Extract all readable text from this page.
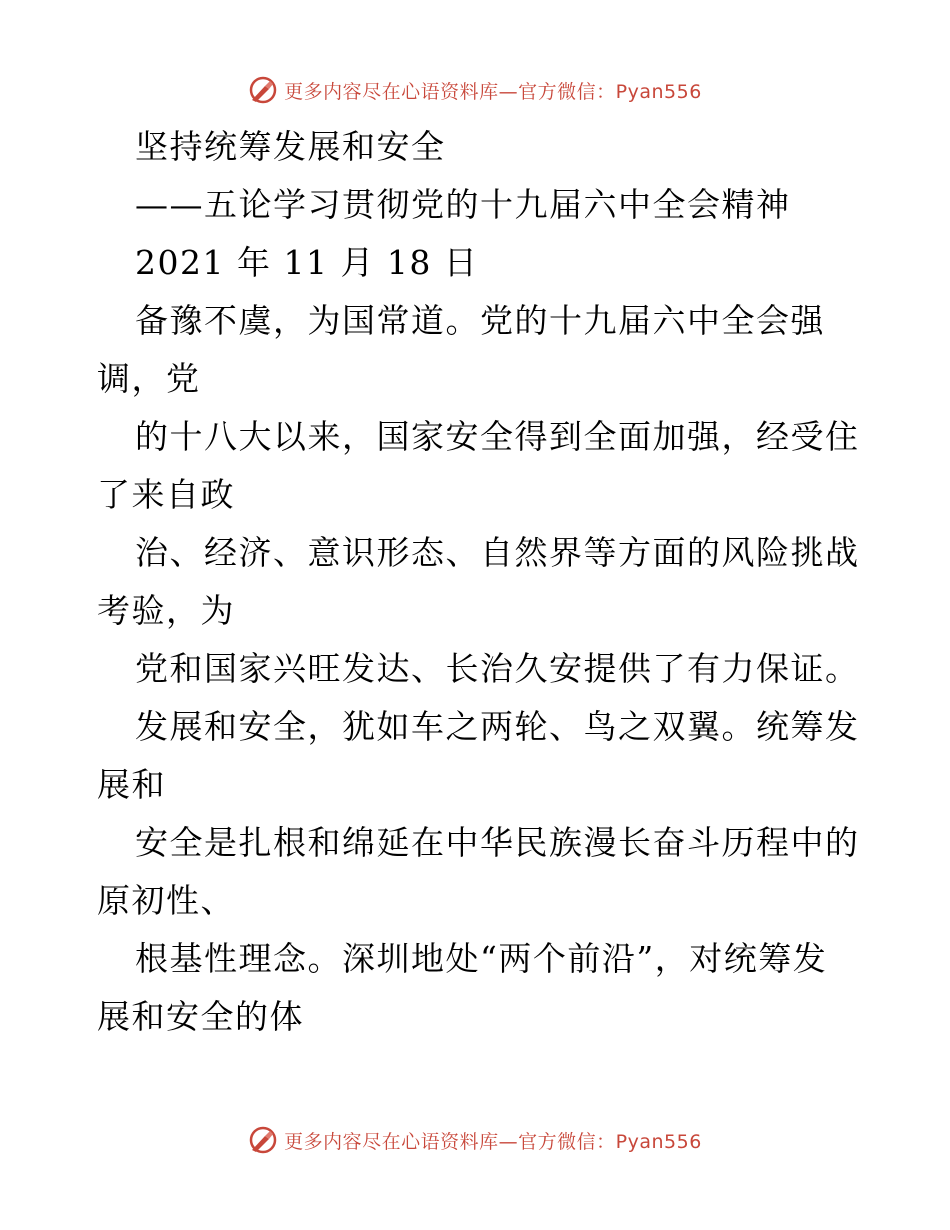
更多内容尽在心语资料库—官方微信：Pyan556
坚持统筹发展和安全
——五论学习贯彻党的十九届六中全会精神
2021 年 11 月 18 日
备豫不虞，为国常道。党的十九届六中全会强
调，党
的十八大以来，国家安全得到全面加强，经受住
了来自政
治、经济、意识形态、自然界等方面的风险挑战
考验，为
党和国家兴旺发达、长治久安提供了有力保证。
发展和安全，犹如车之两轮、鸟之双翼。统筹发
展和
安全是扎根和绵延在中华民族漫长奋斗历程中的
原初性、
根基性理念。深圳地处“两个前沿”，对统筹发
展和安全的体
更多内容尽在心语资料库—官方微信：Pyan556
